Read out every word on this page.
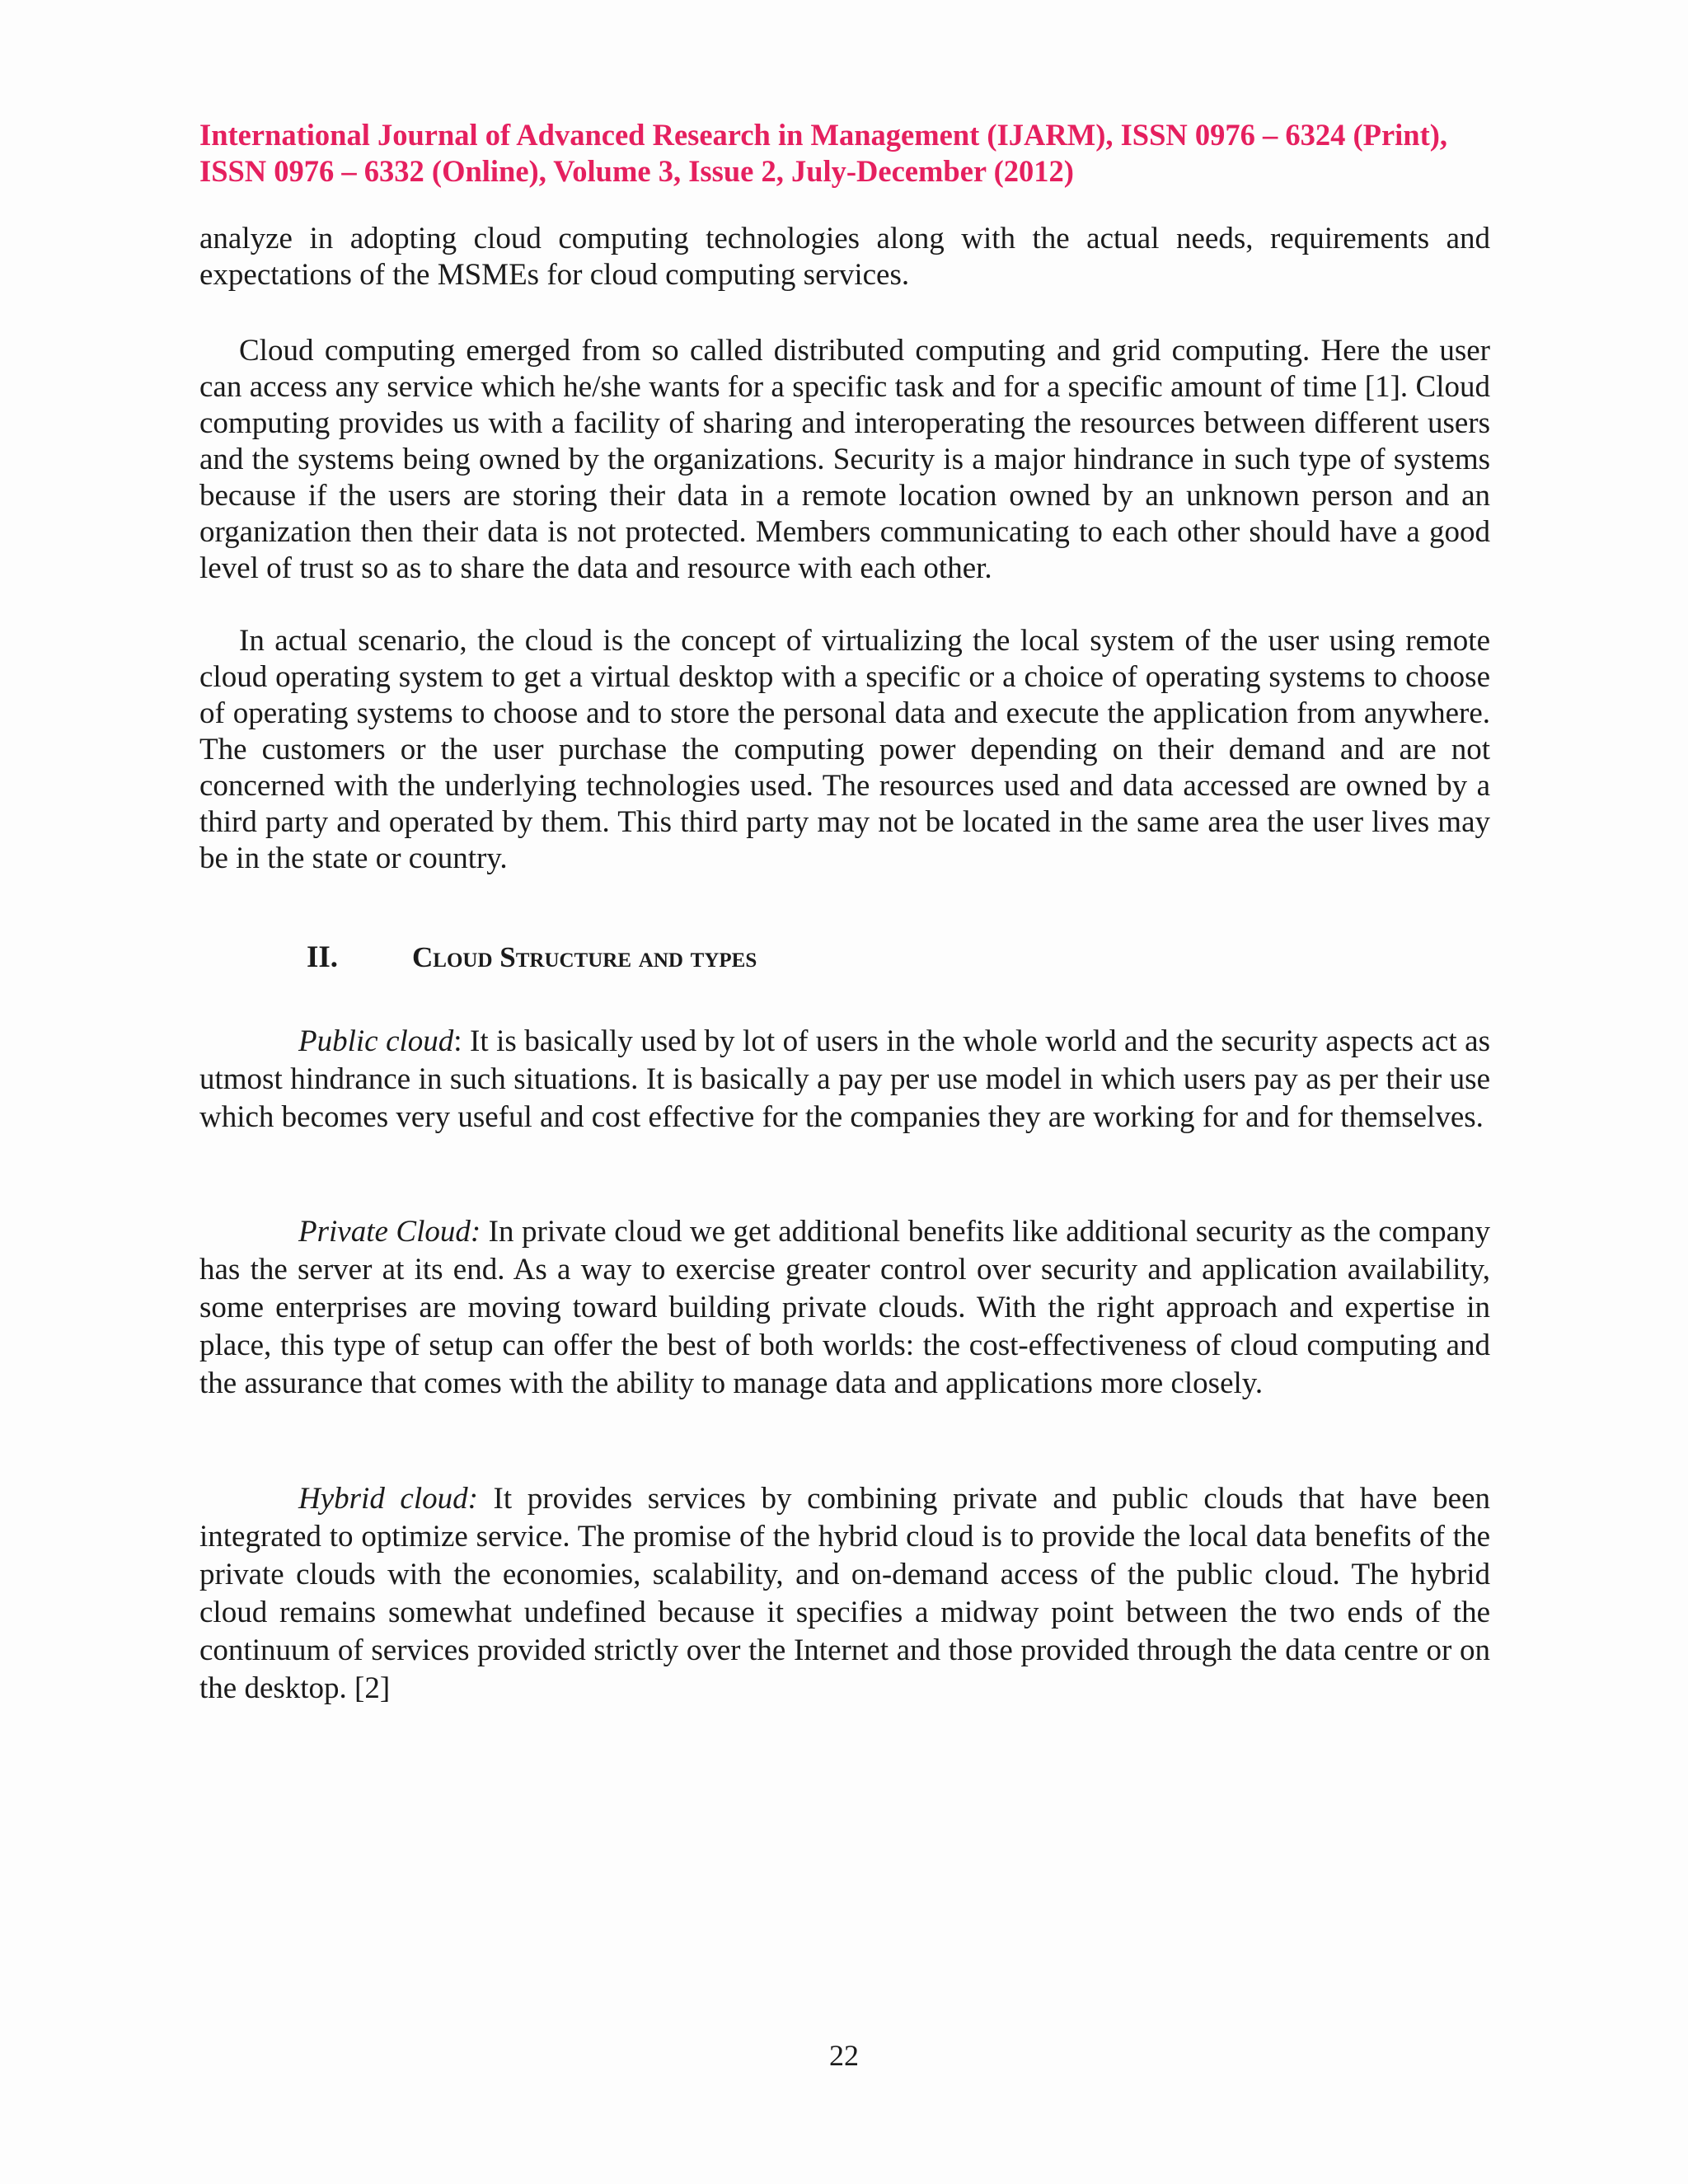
International Journal of Advanced Research in Management (IJARM), ISSN 0976 – 6324 (Print),
ISSN 0976 – 6332 (Online), Volume 3, Issue 2, July-December (2012)

analyze in adopting cloud computing technologies along with the actual needs, requirements and expectations of the MSMEs for cloud computing services.

Cloud computing emerged from so called distributed computing and grid computing. Here the user can access any service which he/she wants for a specific task and for a specific amount of time [1]. Cloud computing provides us with a facility of sharing and interoperating the resources between different users and the systems being owned by the organizations. Security is a major hindrance in such type of systems because if the users are storing their data in a remote location owned by an unknown person and an organization then their data is not protected. Members communicating to each other should have a good level of trust so as to share the data and resource with each other.

In actual scenario, the cloud is the concept of virtualizing the local system of the user using remote cloud operating system to get a virtual desktop with a specific or a choice of operating systems to choose of operating systems to choose and to store the personal data and execute the application from anywhere. The customers or the user purchase the computing power depending on their demand and are not concerned with the underlying technologies used. The resources used and data accessed are owned by a third party and operated by them. This third party may not be located in the same area the user lives may be in the state or country.

II.	Cloud Structure and types

Public cloud: It is basically used by lot of users in the whole world and the security aspects act as utmost hindrance in such situations. It is basically a pay per use model in which users pay as per their use which becomes very useful and cost effective for the companies they are working for and for themselves.

Private Cloud: In private cloud we get additional benefits like additional security as the company has the server at its end. As a way to exercise greater control over security and application availability, some enterprises are moving toward building private clouds. With the right approach and expertise in place, this type of setup can offer the best of both worlds: the cost-effectiveness of cloud computing and the assurance that comes with the ability to manage data and applications more closely.

Hybrid cloud: It provides services by combining private and public clouds that have been integrated to optimize service. The promise of the hybrid cloud is to provide the local data benefits of the private clouds with the economies, scalability, and on-demand access of the public cloud. The hybrid cloud remains somewhat undefined because it specifies a midway point between the two ends of the continuum of services provided strictly over the Internet and those provided through the data centre or on the desktop. [2]

22
